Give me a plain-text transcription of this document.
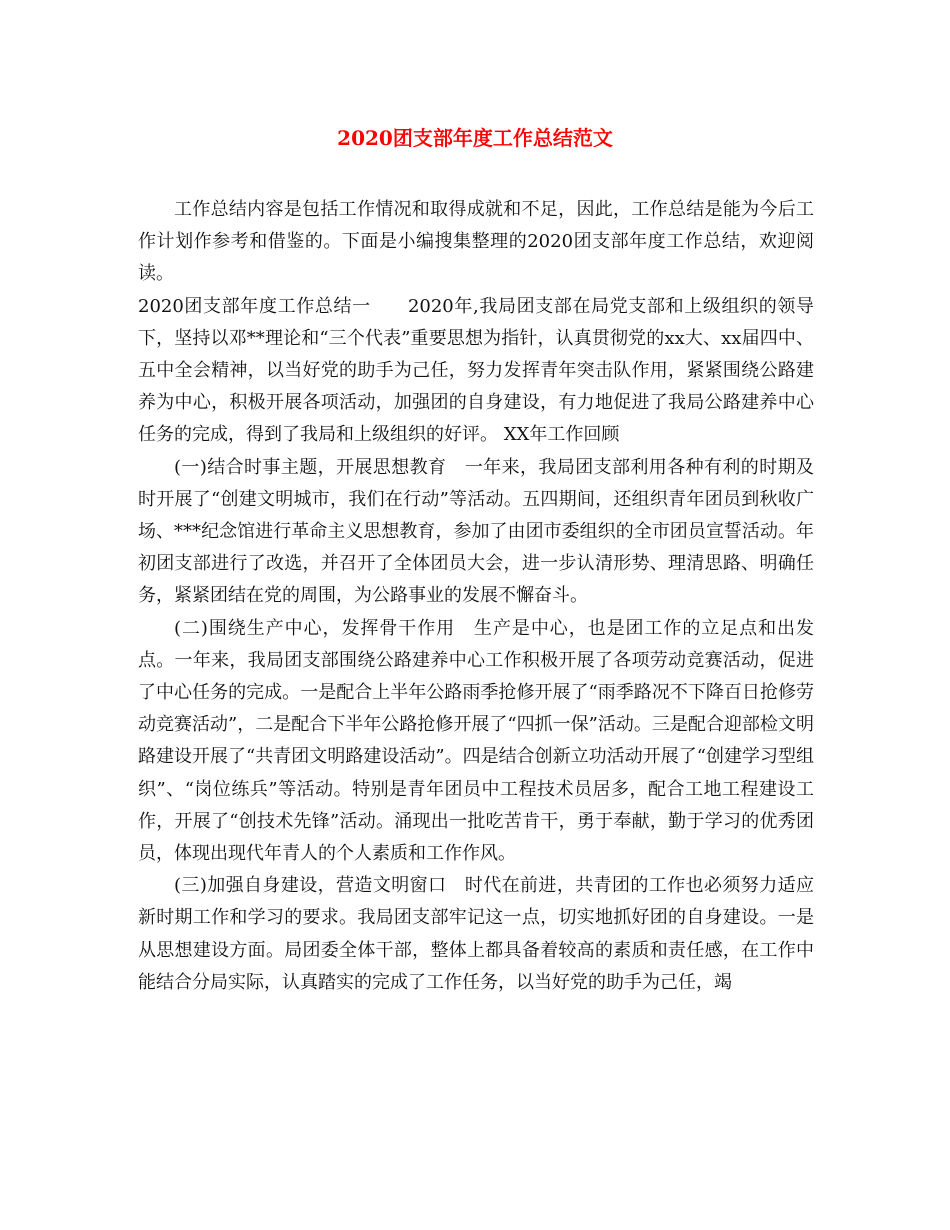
2020团支部年度工作总结范文

工作总结内容是包括工作情况和取得成就和不足，因此，工作总结是能为今后工作计划作参考和借鉴的。下面是小编搜集整理的2020团支部年度工作总结，欢迎阅读。

2020团支部年度工作总结一　　2020年,我局团支部在局党支部和上级组织的领导下，坚持以邓**理论和“三个代表”重要思想为指针，认真贯彻党的xx大、xx届四中、五中全会精神，以当好党的助手为己任，努力发挥青年突击队作用，紧紧围绕公路建养为中心，积极开展各项活动，加强团的自身建设，有力地促进了我局公路建养中心任务的完成，得到了我局和上级组织的好评。 XX年工作回顾

(一)结合时事主题，开展思想教育　一年来，我局团支部利用各种有利的时期及时开展了“创建文明城市，我们在行动”等活动。五四期间，还组织青年团员到秋收广场、***纪念馆进行革命主义思想教育，参加了由团市委组织的全市团员宣誓活动。年初团支部进行了改选，并召开了全体团员大会，进一步认清形势、理清思路、明确任务，紧紧团结在党的周围，为公路事业的发展不懈奋斗。

(二)围绕生产中心，发挥骨干作用　生产是中心，也是团工作的立足点和出发点。一年来，我局团支部围绕公路建养中心工作积极开展了各项劳动竞赛活动，促进了中心任务的完成。一是配合上半年公路雨季抢修开展了“雨季路况不下降百日抢修劳动竞赛活动”，二是配合下半年公路抢修开展了“四抓一保”活动。三是配合迎部检文明路建设开展了“共青团文明路建设活动”。四是结合创新立功活动开展了“创建学习型组织”、“岗位练兵”等活动。特别是青年团员中工程技术员居多，配合工地工程建设工作，开展了“创技术先锋”活动。涌现出一批吃苦肯干，勇于奉献，勤于学习的优秀团员，体现出现代年青人的个人素质和工作作风。

(三)加强自身建设，营造文明窗口　时代在前进，共青团的工作也必须努力适应新时期工作和学习的要求。我局团支部牢记这一点，切实地抓好团的自身建设。一是从思想建设方面。局团委全体干部，整体上都具备着较高的素质和责任感，在工作中能结合分局实际，认真踏实的完成了工作任务，以当好党的助手为己任，竭
